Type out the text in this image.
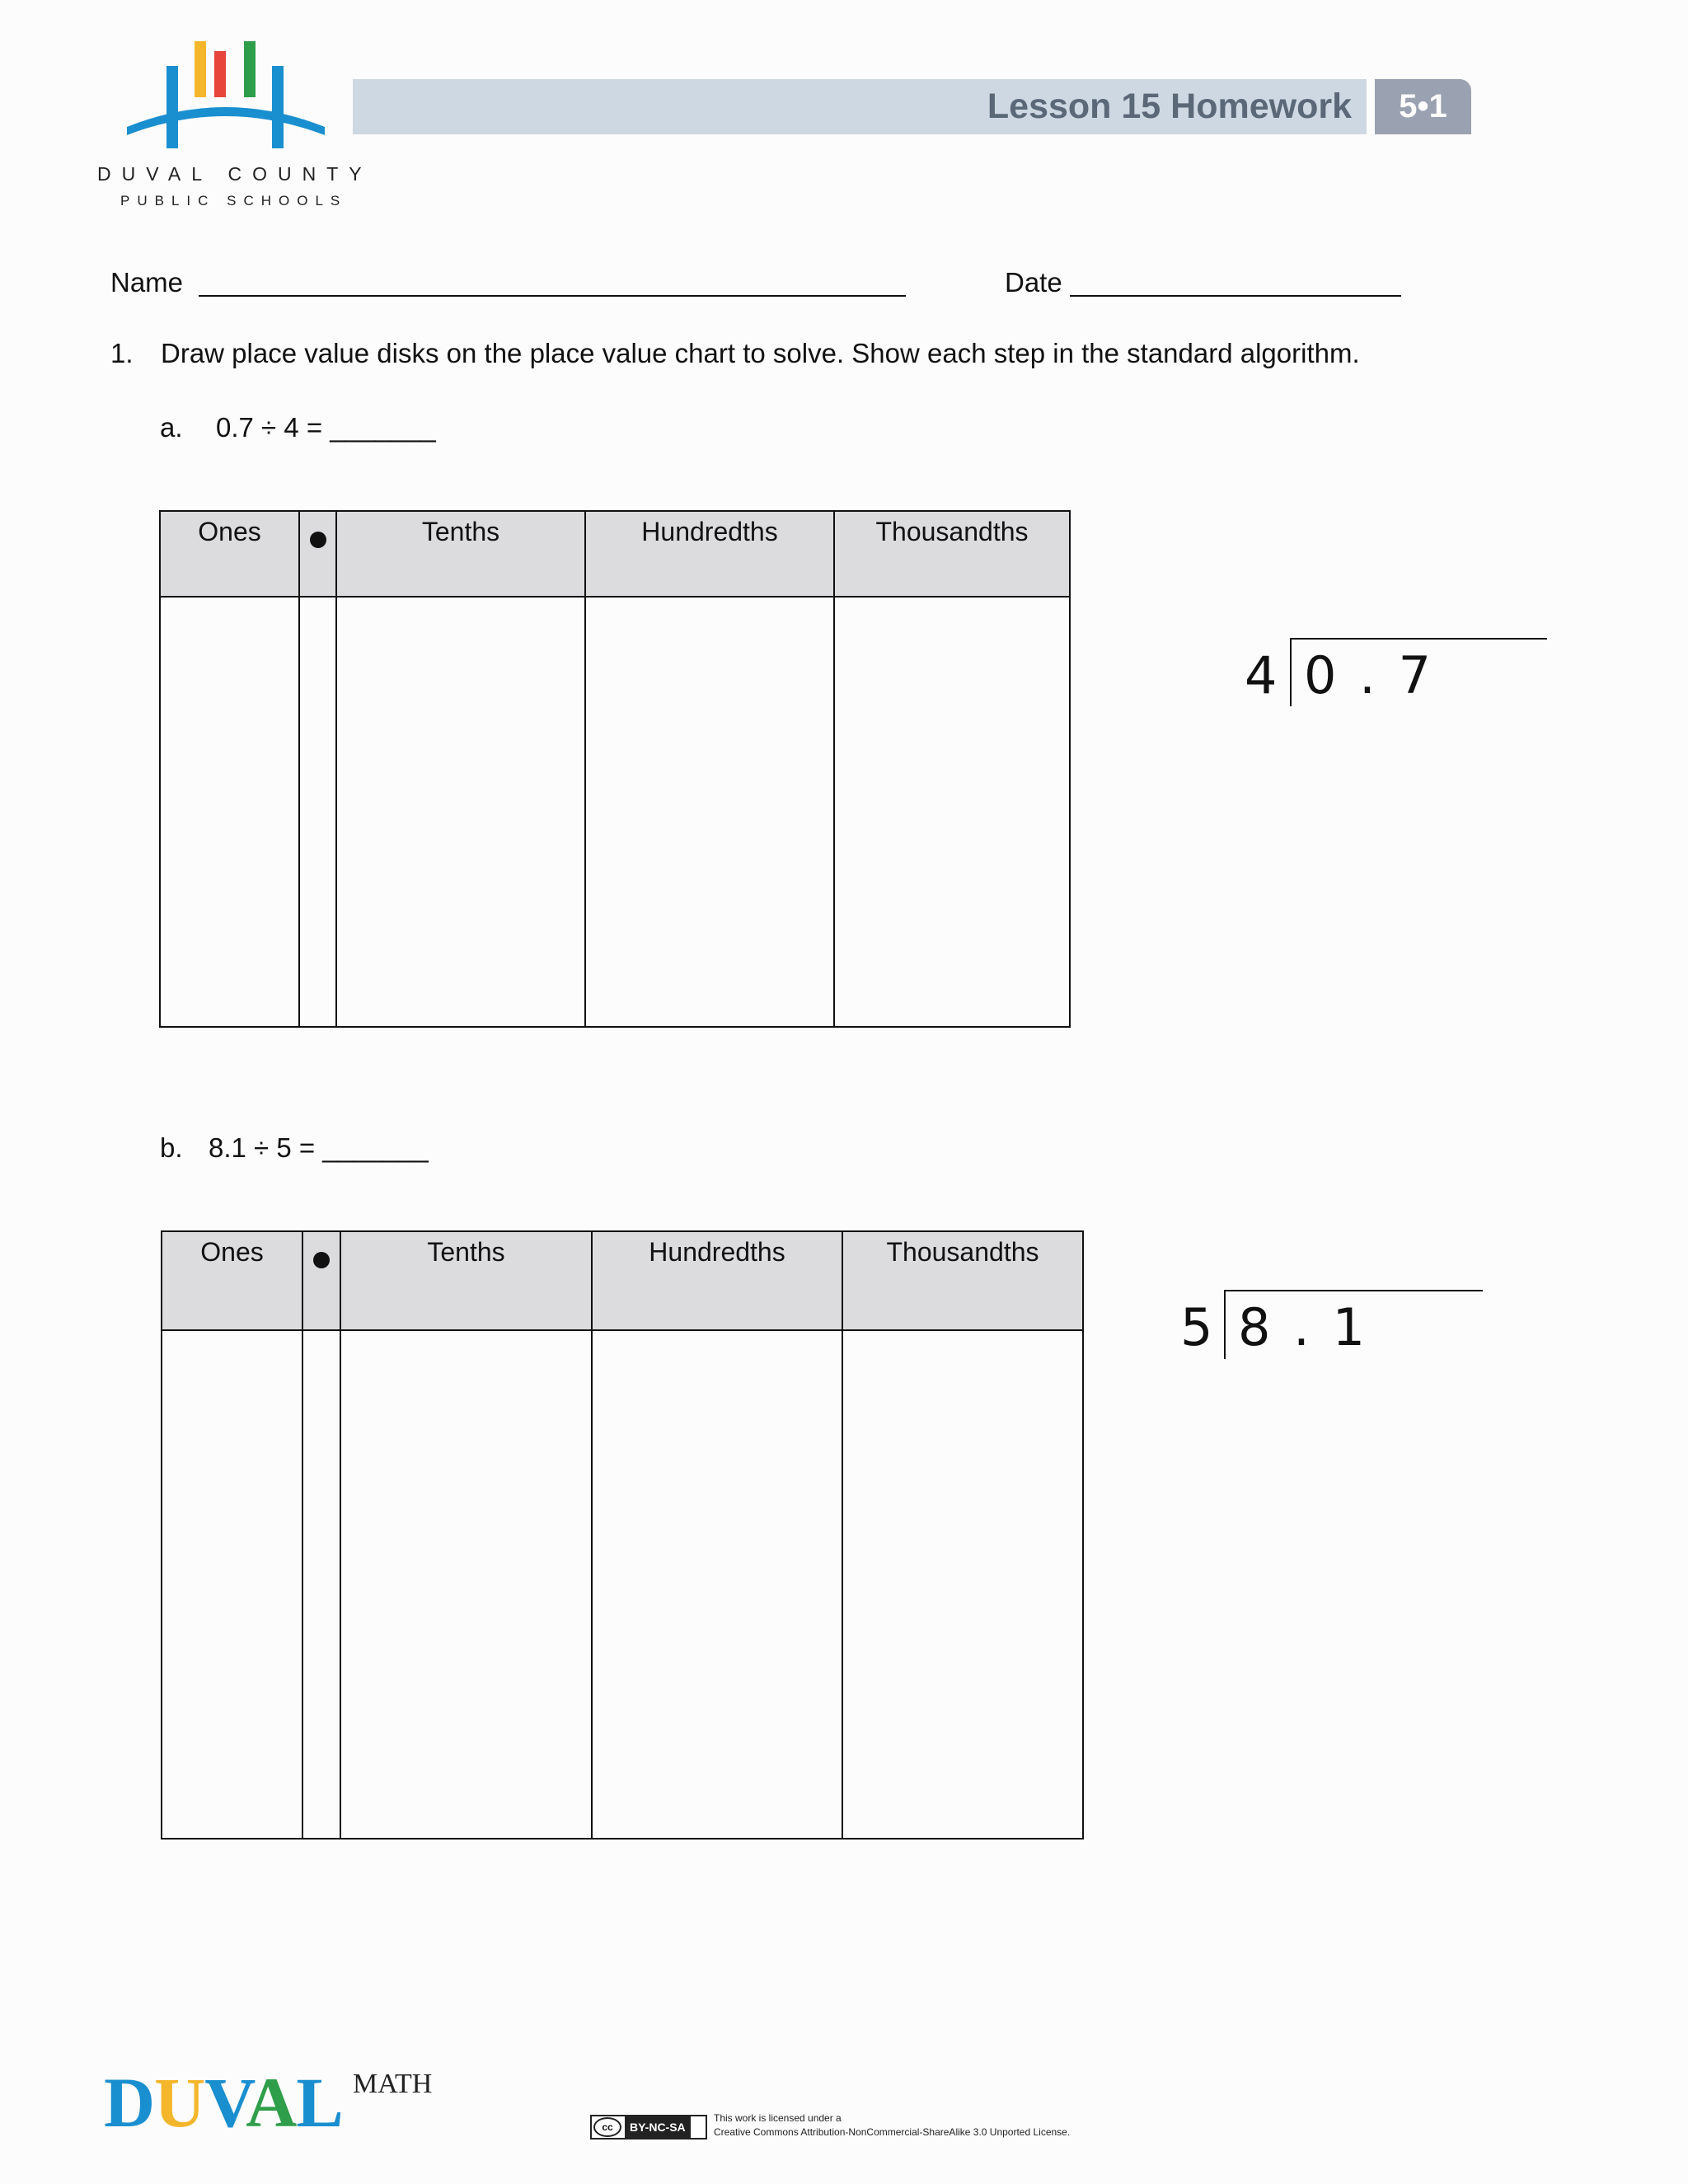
DUVAL COUNTY
PUBLIC SCHOOLS
Lesson 15 Homework	5•1
Name	Date
1. Draw place value disks on the place value chart to solve. Show each step in the standard algorithm.
a. 0.7 ÷ 4 = _______
Ones		Tenths	Hundredths	Thousandths

4 0 . 7
b. 8.1 ÷ 5 = _______
Ones		Tenths	Hundredths	Thousandths

5 8 . 1
DUVAL MATH
cc BY-NC-SA
This work is licensed under a
Creative Commons Attribution-NonCommercial-ShareAlike 3.0 Unported License.
